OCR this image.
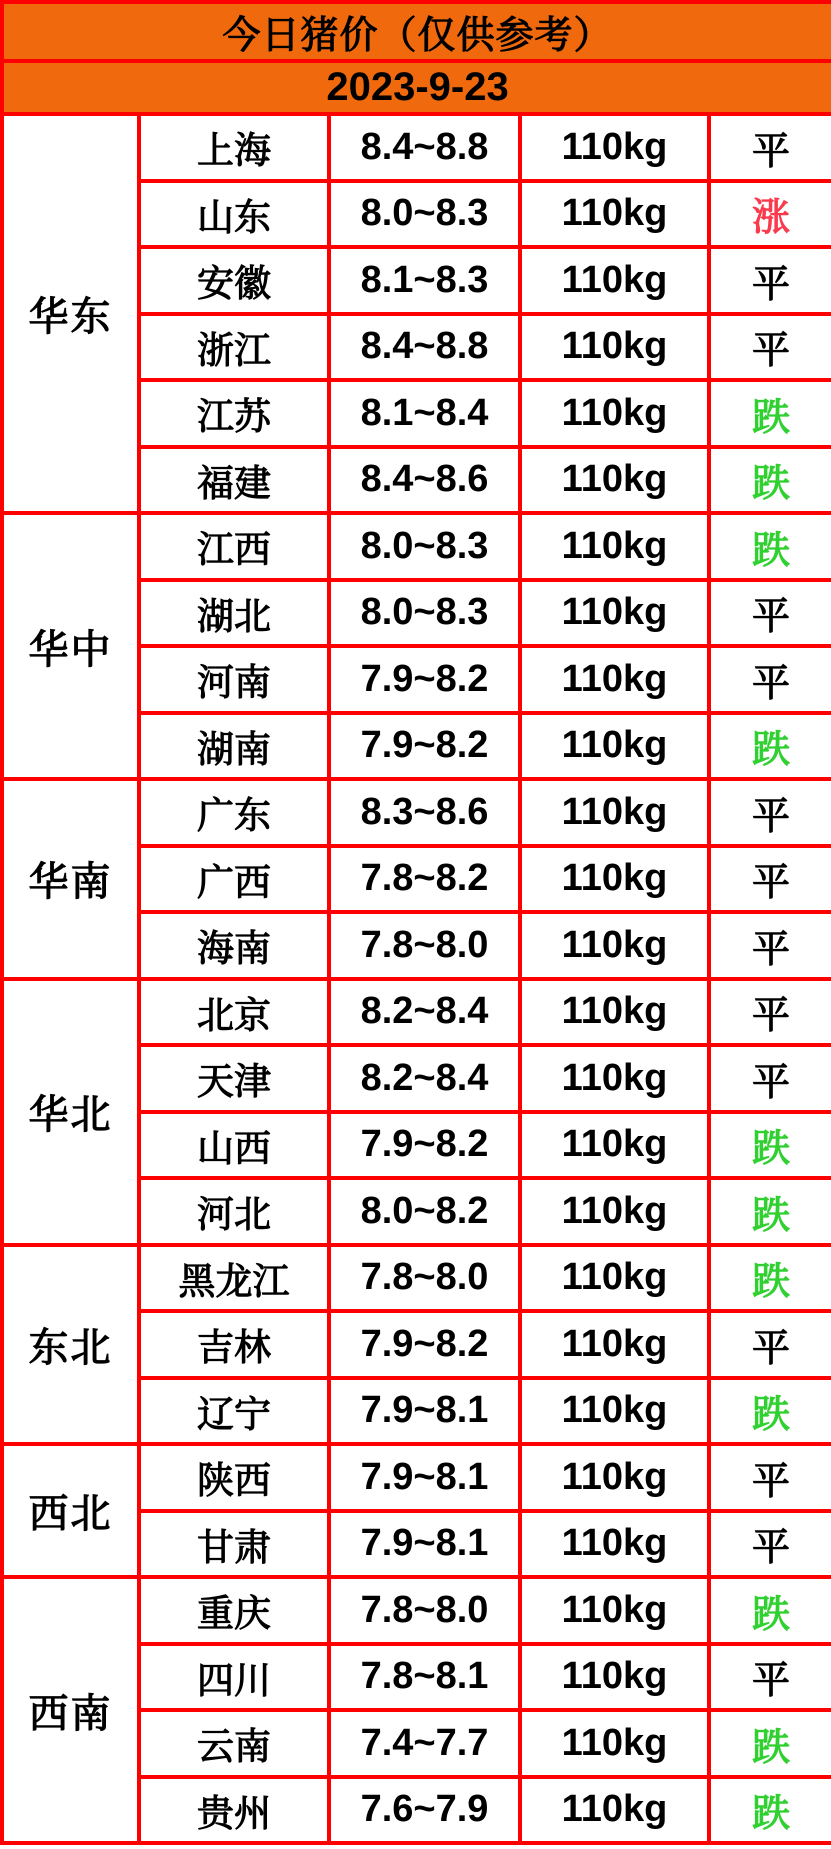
今日猪价（仅供参考）				
2023-9-23				
华东	上海	8.4~8.8	110kg	平
	山东	8.0~8.3	110kg	涨
	安徽	8.1~8.3	110kg	平
	浙江	8.4~8.8	110kg	平
	江苏	8.1~8.4	110kg	跌
	福建	8.4~8.6	110kg	跌
华中	江西	8.0~8.3	110kg	跌
	湖北	8.0~8.3	110kg	平
	河南	7.9~8.2	110kg	平
	湖南	7.9~8.2	110kg	跌
华南	广东	8.3~8.6	110kg	平
	广西	7.8~8.2	110kg	平
	海南	7.8~8.0	110kg	平
华北	北京	8.2~8.4	110kg	平
	天津	8.2~8.4	110kg	平
	山西	7.9~8.2	110kg	跌
	河北	8.0~8.2	110kg	跌
东北	黑龙江	7.8~8.0	110kg	跌
	吉林	7.9~8.2	110kg	平
	辽宁	7.9~8.1	110kg	跌
西北	陕西	7.9~8.1	110kg	平
	甘肃	7.9~8.1	110kg	平
西南	重庆	7.8~8.0	110kg	跌
	四川	7.8~8.1	110kg	平
	云南	7.4~7.7	110kg	跌
	贵州	7.6~7.9	110kg	跌
